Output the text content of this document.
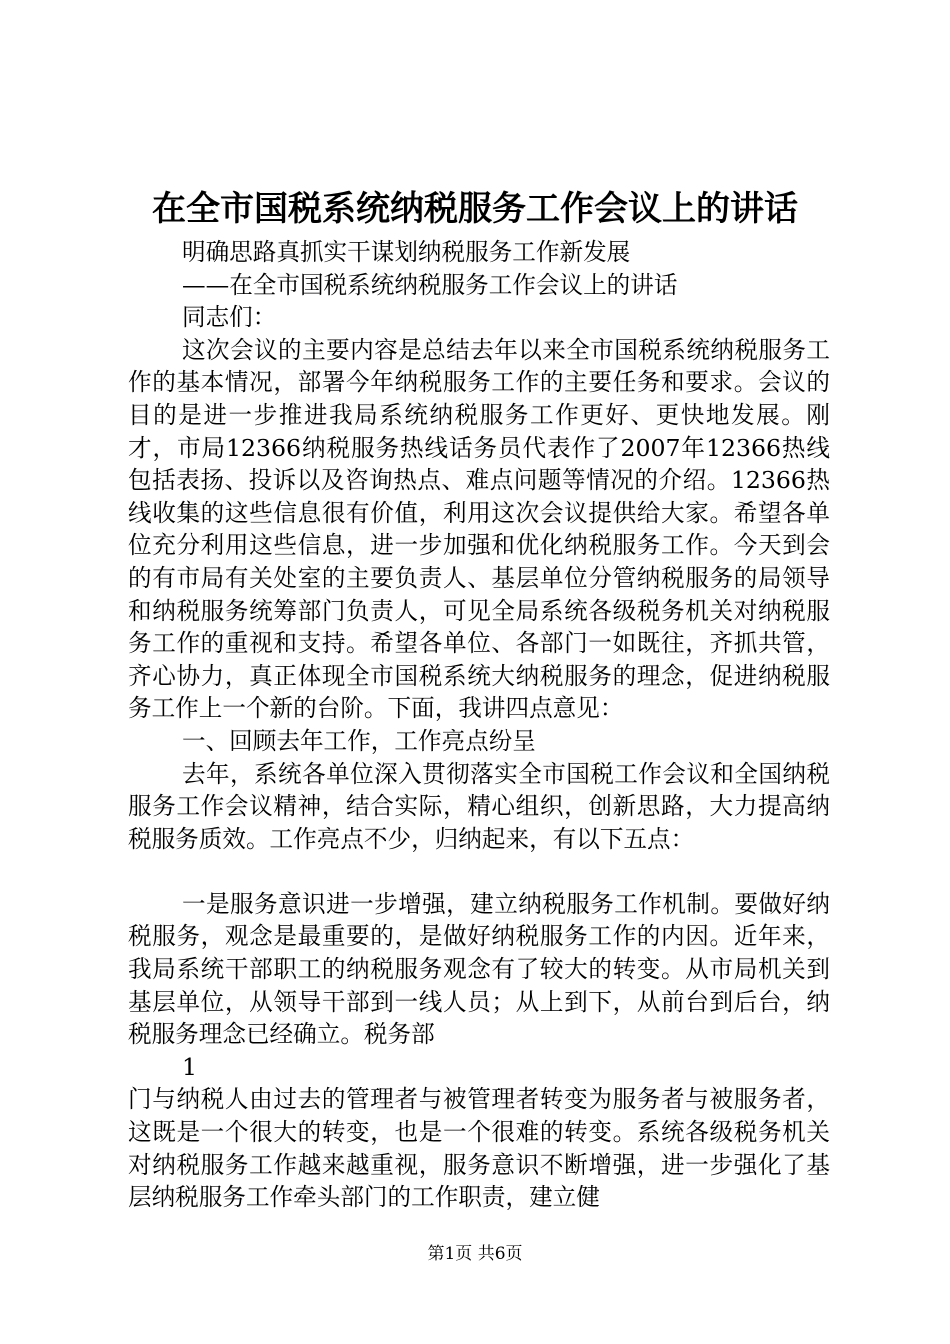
在全市国税系统纳税服务工作会议上的讲话

明确思路真抓实干谋划纳税服务工作新发展

——在全市国税系统纳税服务工作会议上的讲话

同志们：

这次会议的主要内容是总结去年以来全市国税系统纳税服务工作的基本情况，部署今年纳税服务工作的主要任务和要求。会议的目的是进一步推进我局系统纳税服务工作更好、更快地发展。刚才，市局12366纳税服务热线话务员代表作了2007年12366热线包括表扬、投诉以及咨询热点、难点问题等情况的介绍。12366热线收集的这些信息很有价值，利用这次会议提供给大家。希望各单位充分利用这些信息，进一步加强和优化纳税服务工作。今天到会的有市局有关处室的主要负责人、基层单位分管纳税服务的局领导和纳税服务统筹部门负责人，可见全局系统各级税务机关对纳税服务工作的重视和支持。希望各单位、各部门一如既往，齐抓共管，齐心协力，真正体现全市国税系统大纳税服务的理念，促进纳税服务工作上一个新的台阶。下面，我讲四点意见：

一、回顾去年工作，工作亮点纷呈

去年，系统各单位深入贯彻落实全市国税工作会议和全国纳税服务工作会议精神，结合实际，精心组织，创新思路，大力提高纳税服务质效。工作亮点不少，归纳起来，有以下五点：

一是服务意识进一步增强，建立纳税服务工作机制。要做好纳税服务，观念是最重要的，是做好纳税服务工作的内因。近年来，我局系统干部职工的纳税服务观念有了较大的转变。从市局机关到基层单位，从领导干部到一线人员；从上到下，从前台到后台，纳税服务理念已经确立。税务部

1

门与纳税人由过去的管理者与被管理者转变为服务者与被服务者，这既是一个很大的转变，也是一个很难的转变。系统各级税务机关对纳税服务工作越来越重视，服务意识不断增强，进一步强化了基层纳税服务工作牵头部门的工作职责，建立健

第1页 共6页
